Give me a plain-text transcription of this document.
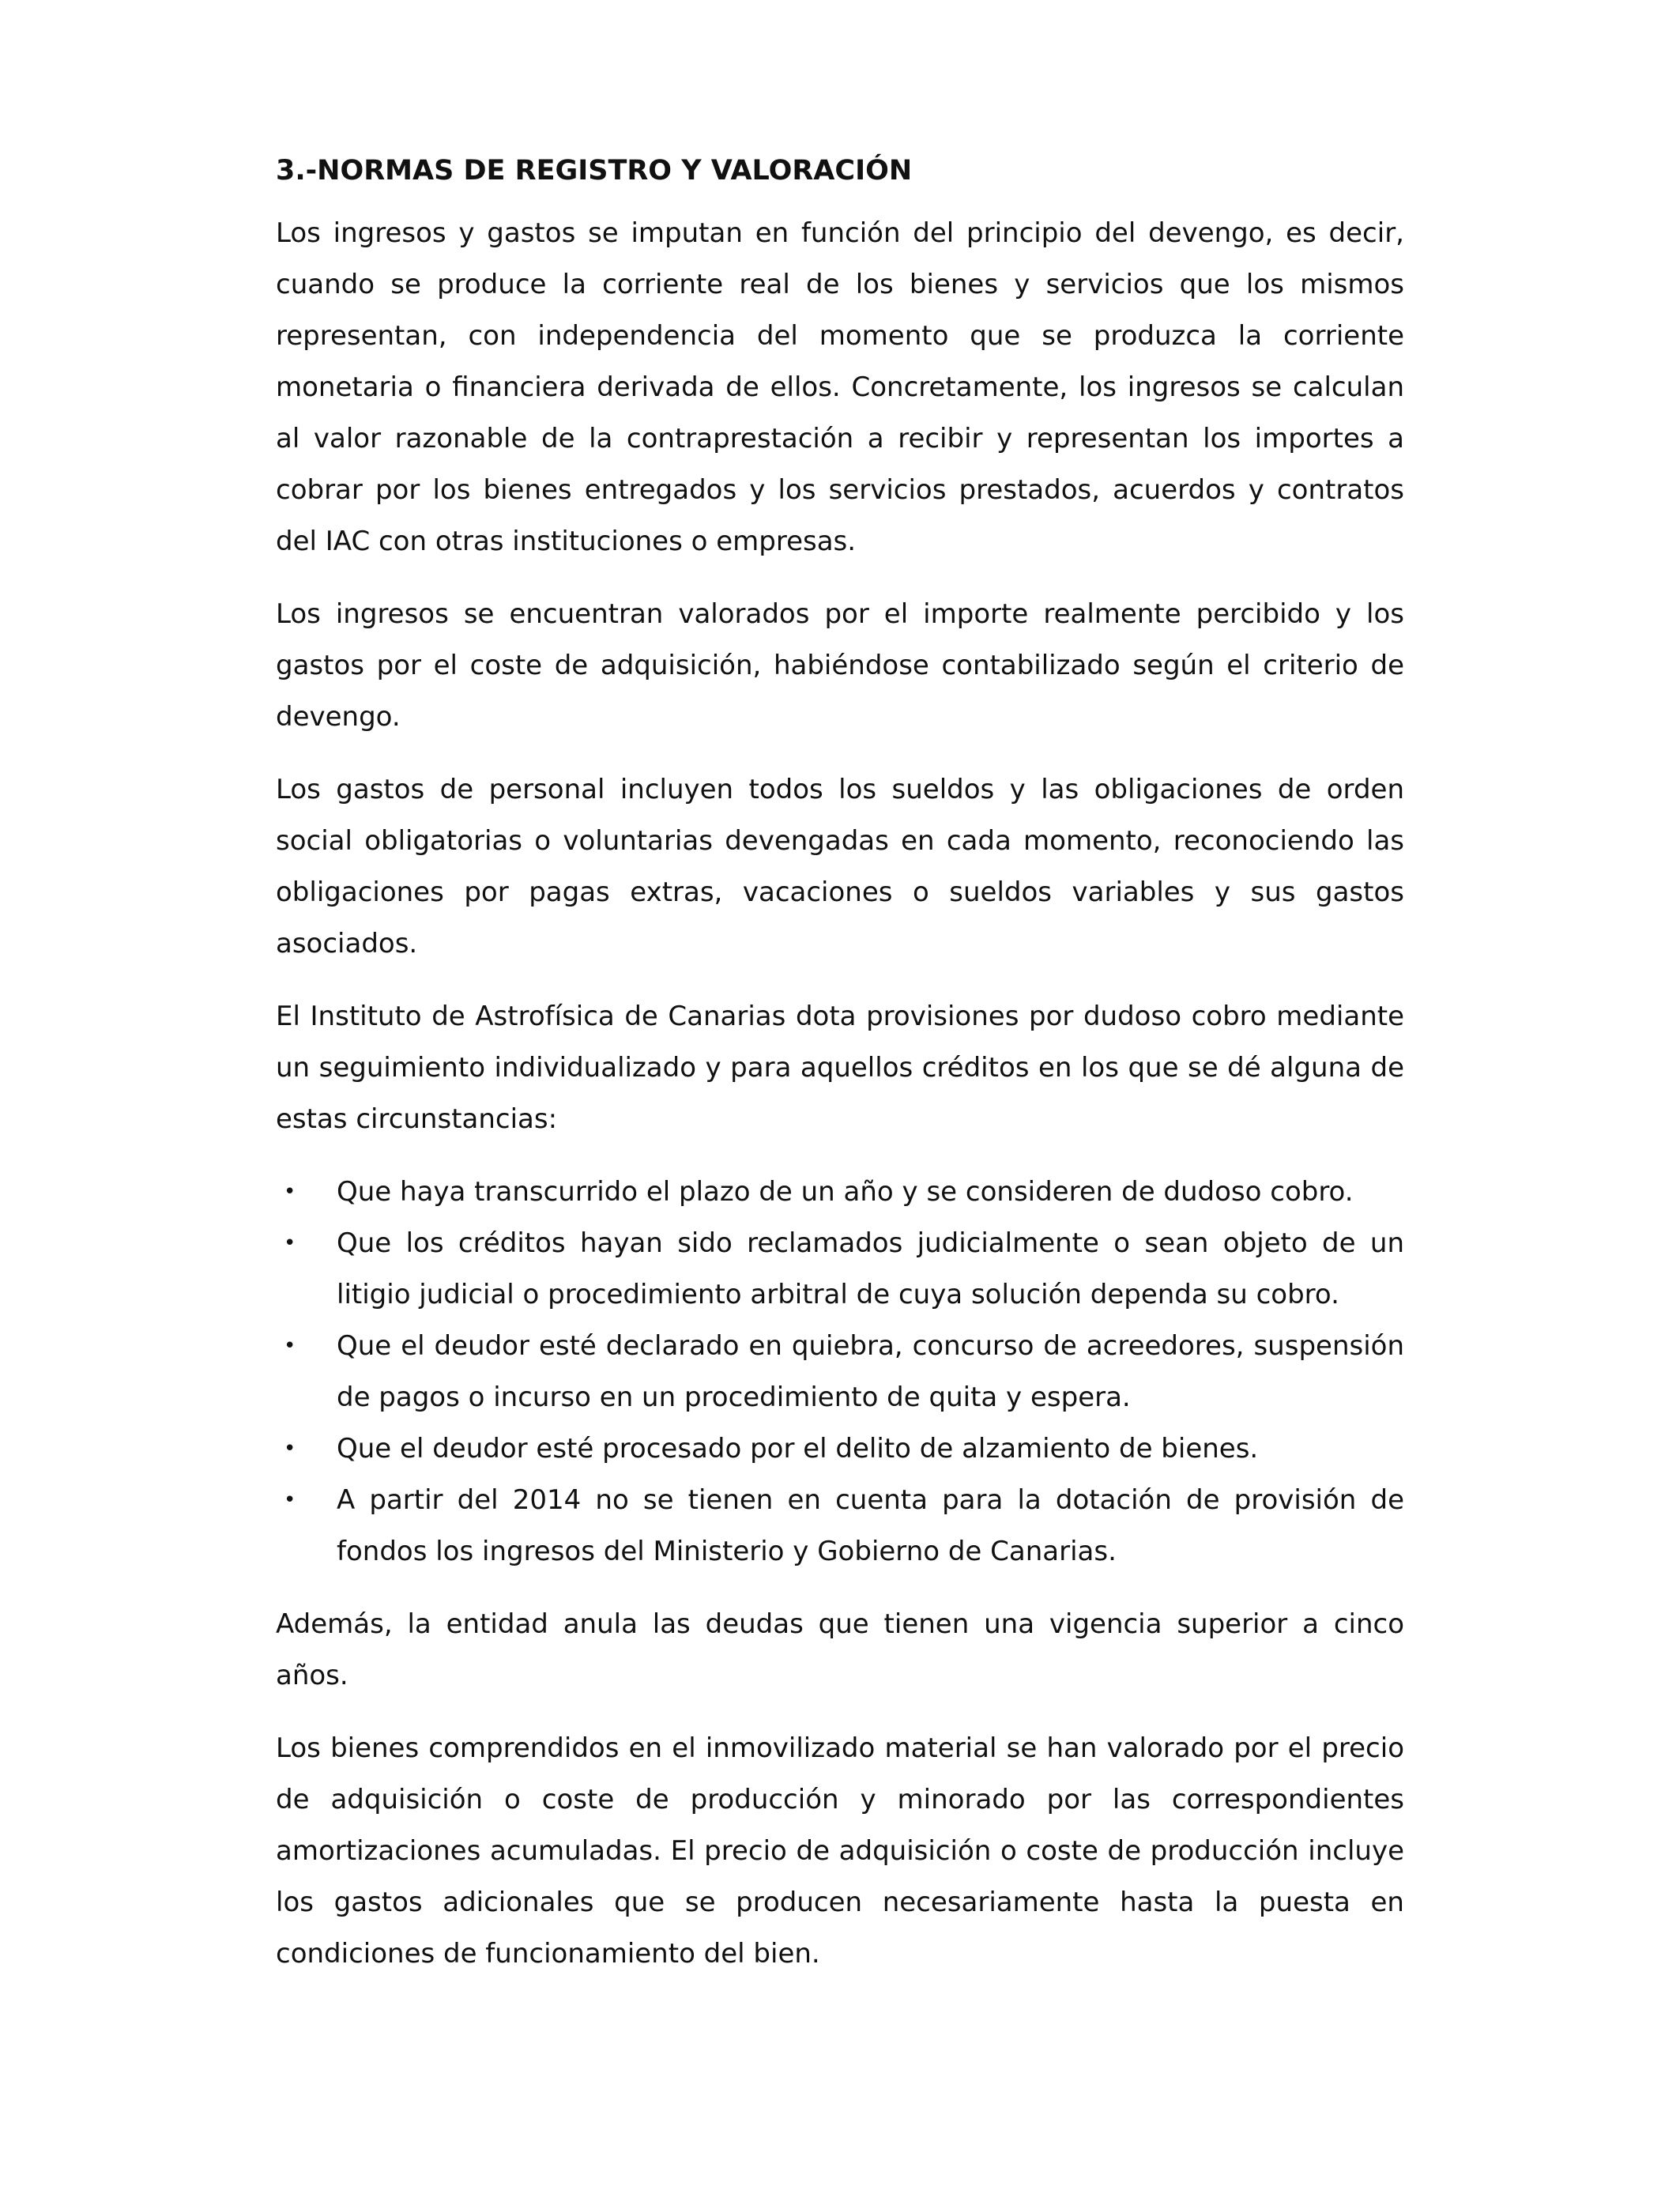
3.-NORMAS DE REGISTRO Y VALORACIÓN

Los ingresos y gastos se imputan en función del principio del devengo, es decir, cuando se produce la corriente real de los bienes y servicios que los mismos representan, con independencia del momento que se produzca la corriente monetaria o financiera derivada de ellos. Concretamente, los ingresos se calculan al valor razonable de la contraprestación a recibir y representan los importes a cobrar por los bienes entregados y los servicios prestados, acuerdos y contratos del IAC con otras instituciones o empresas.

Los ingresos se encuentran valorados por el importe realmente percibido y los gastos por el coste de adquisición, habiéndose contabilizado según el criterio de devengo.

Los gastos de personal incluyen todos los sueldos y las obligaciones de orden social obligatorias o voluntarias devengadas en cada momento, reconociendo las obligaciones por pagas extras, vacaciones o sueldos variables y sus gastos asociados.

El Instituto de Astrofísica de Canarias dota provisiones por dudoso cobro mediante un seguimiento individualizado y para aquellos créditos en los que se dé alguna de estas circunstancias:

• Que haya transcurrido el plazo de un año y se consideren de dudoso cobro.
• Que los créditos hayan sido reclamados judicialmente o sean objeto de un litigio judicial o procedimiento arbitral de cuya solución dependa su cobro.
• Que el deudor esté declarado en quiebra, concurso de acreedores, suspensión de pagos o incurso en un procedimiento de quita y espera.
• Que el deudor esté procesado por el delito de alzamiento de bienes.
• A partir del 2014 no se tienen en cuenta para la dotación de provisión de fondos los ingresos del Ministerio y Gobierno de Canarias.

Además, la entidad anula las deudas que tienen una vigencia superior a cinco años.

Los bienes comprendidos en el inmovilizado material se han valorado por el precio de adquisición o coste de producción y minorado por las correspondientes amortizaciones acumuladas. El precio de adquisición o coste de producción incluye los gastos adicionales que se producen necesariamente hasta la puesta en condiciones de funcionamiento del bien.
